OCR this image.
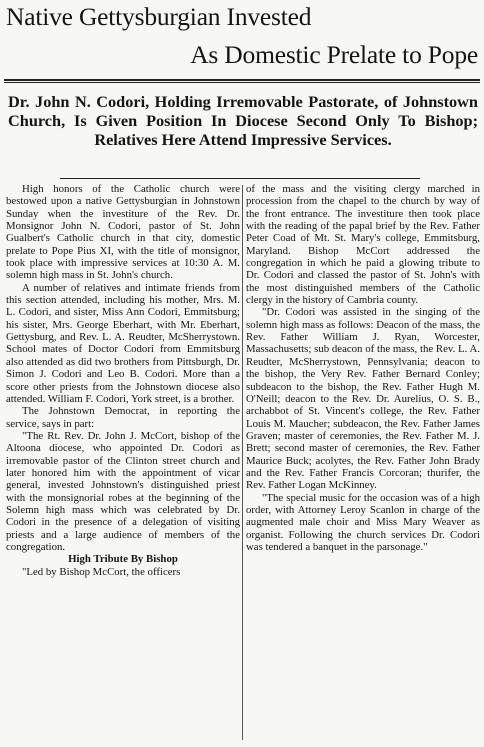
Native Gettysburgian Invested
As Domestic Prelate to Pope
Dr. John N. Codori, Holding Irremovable Pastorate, of Johnstown Church, Is Given Position In Diocese Second Only To Bishop; Relatives Here Attend Impressive Services.

High honors of the Catholic church were bestowed upon a native Gettysburgian in Johnstown Sunday when the investiture of the Rev. Dr. Monsignor John N. Codori, pastor of St. John Gualbert's Catholic church in that city, domestic prelate to Pope Pius XI, with the title of monsignor, took place with impressive services at 10:30 A. M. solemn high mass in St. John's church.

A number of relatives and intimate friends from this section attended, including his mother, Mrs. M. L. Codori, and sister, Miss Ann Codori, Emmitsburg; his sister, Mrs. George Eberhart, with Mr. Eberhart, Gettysburg, and Rev. L. A. Reudter, McSherrystown. School mates of Doctor Codori from Emmitsburg also attended as did two brothers from Pittsburgh, Dr. Simon J. Codori and Leo B. Codori. More than a score other priests from the Johnstown diocese also attended. William F. Codori, York street, is a brother.

The Johnstown Democrat, in reporting the service, says in part:

"The Rt. Rev. Dr. John J. McCort, bishop of the Altoona diocese, who appointed Dr. Codori as irremovable pastor of the Clinton street church and later honored him with the appointment of vicar general, invested Johnstown's distinguished priest with the monsignorial robes at the beginning of the Solemn high mass which was celebrated by Dr. Codori in the presence of a delegation of visiting priests and a large audience of members of the congregation.

High Tribute By Bishop

"Led by Bishop McCort, the officers

of the mass and the visiting clergy marched in procession from the chapel to the church by way of the front entrance. The investiture then took place with the reading of the papal brief by the Rev. Father Peter Coad of Mt. St. Mary's college, Emmitsburg, Maryland. Bishop McCort addressed the congregation in which he paid a glowing tribute to Dr. Codori and classed the pastor of St. John's with the most distinguished members of the Catholic clergy in the history of Cambria county.

"Dr. Codori was assisted in the singing of the solemn high mass as follows: Deacon of the mass, the Rev. Father William J. Ryan, Worcester, Massachusetts; sub deacon of the mass, the Rev. L. A. Reudter, McSherrystown, Pennsylvania; deacon to the bishop, the Very Rev. Father Bernard Conley; subdeacon to the bishop, the Rev. Father Hugh M. O'Neill; deacon to the Rev. Dr. Aurelius, O. S. B., archabbot of St. Vincent's college, the Rev. Father Louis M. Maucher; subdeacon, the Rev. Father James Graven; master of ceremonies, the Rev. Father M. J. Brett; second master of ceremonies, the Rev. Father Maurice Buck; acolytes, the Rev. Father John Brady and the Rev. Father Francis Corcoran; thurifer, the Rev. Father Logan McKinney.

"The special music for the occasion was of a high order, with Attorney Leroy Scanlon in charge of the augmented male choir and Miss Mary Weaver as organist. Following the church services Dr. Codori was tendered a banquet in the parsonage."
